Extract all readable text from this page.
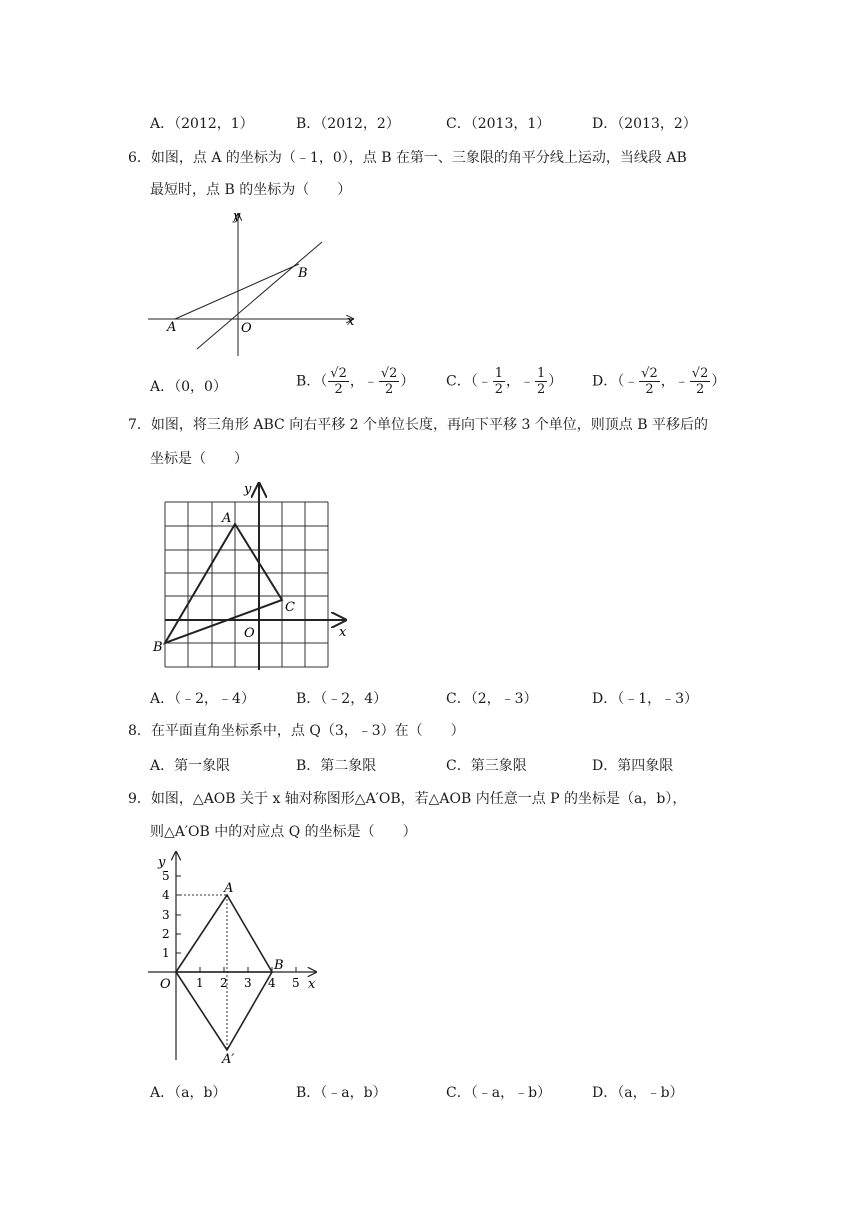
A．（2012，1）	B．（2012，2）	C．（2013，1）	D．（2013，2）
6．如图，点 A 的坐标为（﹣1，0），点 B 在第一、三象限的角平分线上运动，当线段 AB
最短时，点 B 的坐标为（　　）
y
x
A	O
B
A．（0，0）	B．（ $\frac{√2}{2}$ ，﹣ $\frac{√2}{2}$ ） C．（﹣ $\frac{1}{2}$ ，﹣ $\frac{1}{2}$ ） D．（﹣ $\frac{√2}{2}$ ，﹣ $\frac{√2}{2}$ ）
7．如图，将三角形 ABC 向右平移 2 个单位长度，再向下平移 3 个单位，则顶点 B 平移后的
坐标是（　　）
y
x
A
B
C
O
A．（﹣2，﹣4）	B．（﹣2，4）	C．（2，﹣3）	D．（﹣1，﹣3）
8．在平面直角坐标系中，点 Q（3，﹣3）在（　　）
A．第一象限	B．第二象限	C．第三象限	D．第四象限
9．如图，△AOB 关于 x 轴对称图形△A′OB，若△AOB 内任意一点 P 的坐标是（a，b），
则△A′OB 中的对应点 Q 的坐标是（　　）
y
x
O
A
B
A′
5
4
3
2
1
1 2 3 4 5
A．（a，b）	B．（﹣a，b）	C．（﹣a，﹣b）	D．（a，﹣b）
